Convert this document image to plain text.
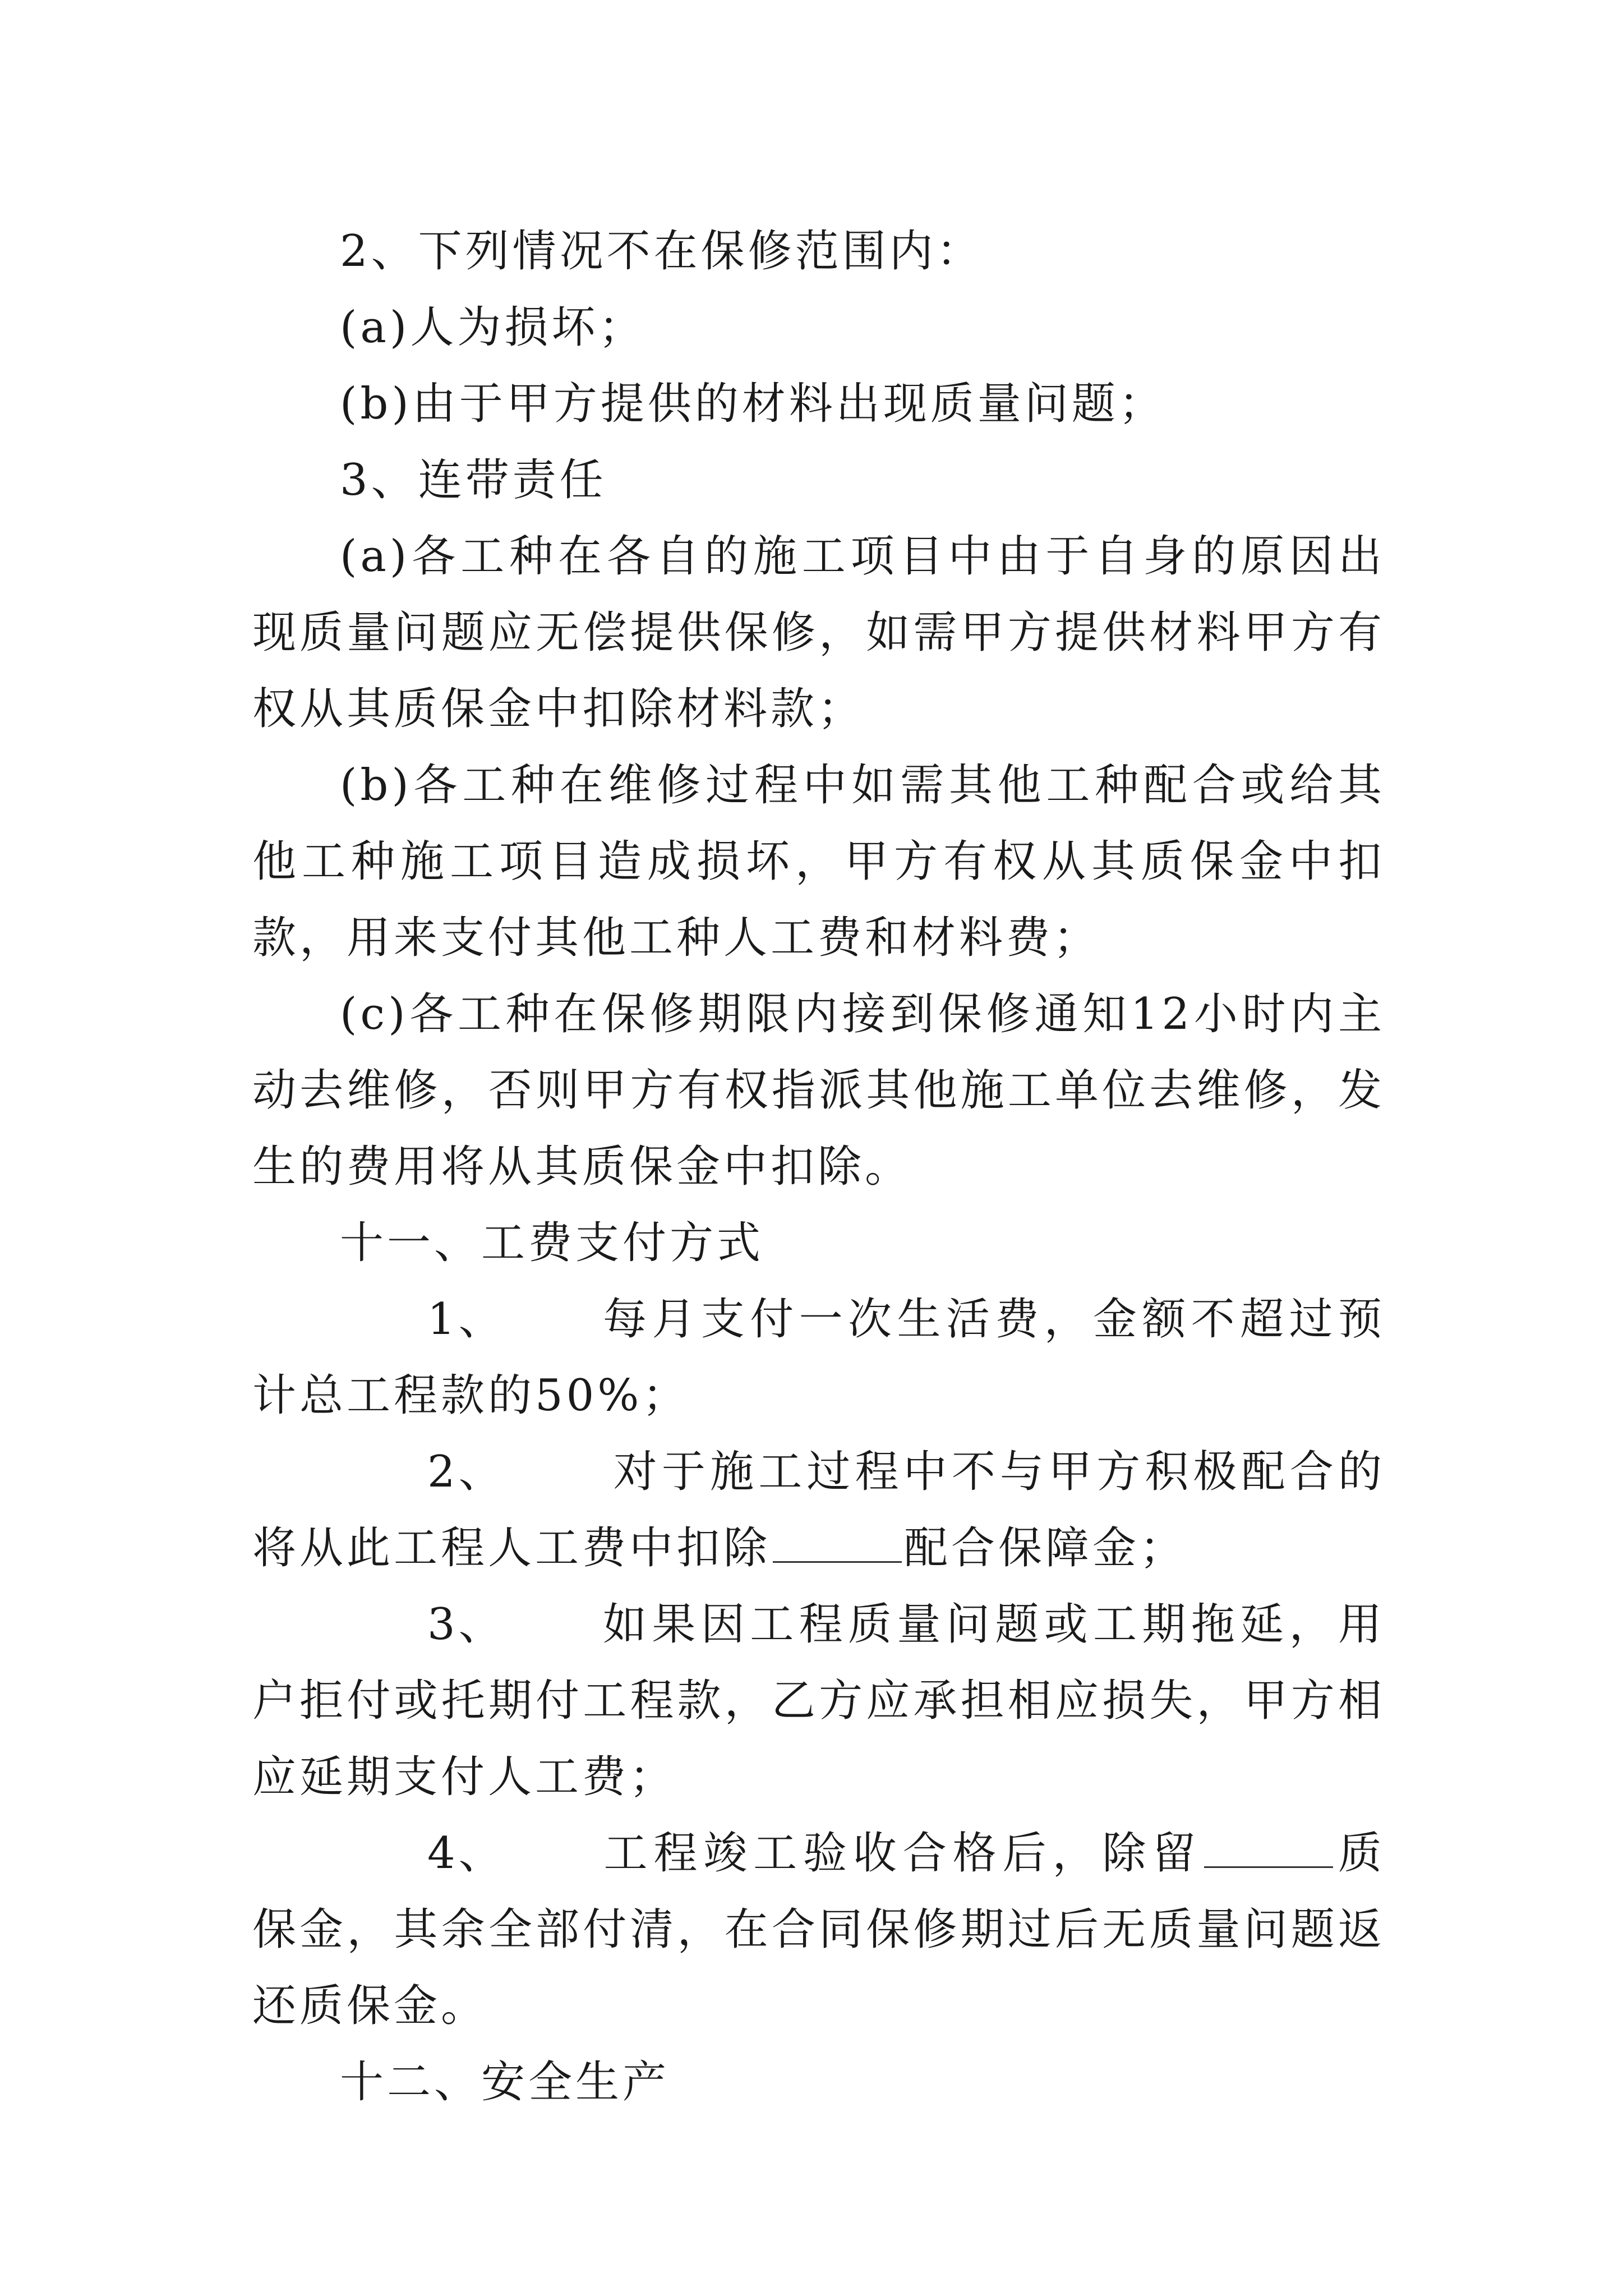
2、下列情况不在保修范围内：

(a)人为损坏；

(b)由于甲方提供的材料出现质量问题；

3、连带责任

(a)各工种在各自的施工项目中由于自身的原因出现质量问题应无偿提供保修，如需甲方提供材料甲方有权从其质保金中扣除材料款；

(b)各工种在维修过程中如需其他工种配合或给其他工种施工项目造成损坏，甲方有权从其质保金中扣款，用来支付其他工种人工费和材料费；

(c)各工种在保修期限内接到保修通知12小时内主动去维修，否则甲方有权指派其他施工单位去维修，发生的费用将从其质保金中扣除。

十一、工费支付方式

1、 每月支付一次生活费，金额不超过预计总工程款的50%；

2、 对于施工过程中不与甲方积极配合的将从此工程人工费中扣除	配合保障金；

3、 如果因工程质量问题或工期拖延，用户拒付或托期付工程款，乙方应承担相应损失，甲方相应延期支付人工费；

4、 工程竣工验收合格后，除留	质保金，其余全部付清，在合同保修期过后无质量问题返还质保金。

十二、安全生产
